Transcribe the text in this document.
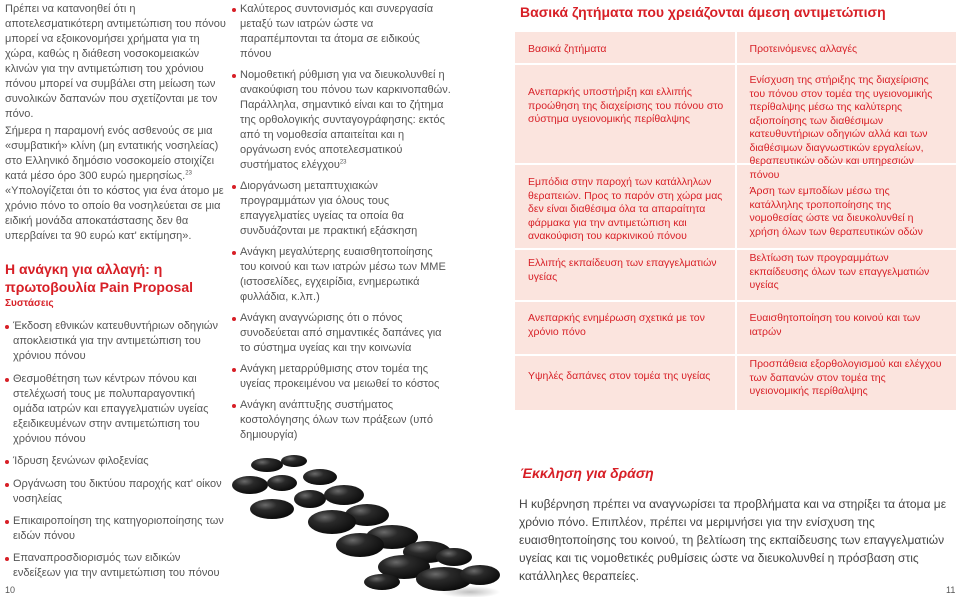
Πρέπει να κατανοηθεί ότι η αποτελεσματικότερη αντιμετώπιση του πόνου μπορεί να εξοικονομήσει χρήματα για τη χώρα, καθώς η διάθεση νοσοκομειακών κλινών για την αντιμετώπιση του χρόνιου πόνου μπορεί να συμβάλει στη μείωση των συνολικών δαπανών που σχετίζονται με τον πόνο.

Σήμερα η παραμονή ενός ασθενούς σε μια «συμβατική» κλίνη (μη εντατικής νοσηλείας) στο Ελληνικό δημόσιο νοσοκομείο στοιχίζει κατά μέσο όρο 300 ευρώ ημερησίως.$^{23}$ «Υπολογίζεται ότι το κόστος για ένα άτομο με χρόνιο πόνο το οποίο θα νοσηλεύεται σε μια ειδική μονάδα αποκατάστασης δεν θα υπερβαίνει τα 90 ευρώ κατ' εκτίμηση».

Η ανάγκη για αλλαγή: η πρωτοβουλία Pain Proposal
Συστάσεις
Έκδοση εθνικών κατευθυντήριων οδηγιών αποκλειστικά για την αντιμετώπιση του χρόνιου πόνου
Θεσμοθέτηση των κέντρων πόνου και στελέχωσή τους με πολυπαραγοντική ομάδα ιατρών και επαγγελματιών υγείας εξειδικευμένων στην αντιμετώπιση του χρόνιου πόνου
Ίδρυση ξενώνων φιλοξενίας
Οργάνωση του δικτύου παροχής κατ' οίκον νοσηλείας
Επικαιροποίηση της κατηγοριοποίησης των ειδών πόνου
Επαναπροσδιορισμός των ειδικών ενδείξεων για την αντιμετώπιση του πόνου
Καλύτερος συντονισμός και συνεργασία μεταξύ των ιατρών ώστε να παραπέμπονται τα άτομα σε ειδικούς πόνου
Νομοθετική ρύθμιση για να διευκολυνθεί η ανακούφιση του πόνου των καρκινοπαθών. Παράλληλα, σημαντικό είναι και το ζήτημα της ορθολογικής συνταγογράφησης: εκτός από τη νομοθεσία απαιτείται και η οργάνωση ενός αποτελεσματικού συστήματος ελέγχου$^{23}$
Διοργάνωση μεταπτυχιακών προγραμμάτων για όλους τους επαγγελματίες υγείας τα οποία θα συνδυάζονται με πρακτική εξάσκηση
Ανάγκη μεγαλύτερης ευαισθητοποίησης του κοινού και των ιατρών μέσω των ΜΜΕ (ιστοσελίδες, εγχειρίδια, ενημερωτικά φυλλάδια, κ.λπ.)
Ανάγκη αναγνώρισης ότι ο πόνος συνοδεύεται από σημαντικές δαπάνες για το σύστημα υγείας και την κοινωνία
Ανάγκη μεταρρύθμισης στον τομέα της υγείας προκειμένου να μειωθεί το κόστος
Ανάγκη ανάπτυξης συστήματος κοστολόγησης όλων των πράξεων (υπό δημιουργία)
Βασικά ζητήματα που χρειάζονται άμεση αντιμετώπιση
Βασικά ζητήματα	Προτεινόμενες αλλαγές
Ανεπαρκής υποστήριξη και ελλιπής προώθηση της διαχείρισης του πόνου στο σύστημα υγειονομικής περίθαλψης
Ενίσχυση της στήριξης της διαχείρισης του πόνου στον τομέα της υγειονομικής περίθαλψης μέσω της καλύτερης αξιοποίησης των διαθέσιμων κατευθυντήριων οδηγιών αλλά και των διαθέσιμων διαγνωστικών εργαλείων, θεραπευτικών οδών και υπηρεσιών πόνου
Εμπόδια στην παροχή των κατάλληλων θεραπειών. Προς το παρόν στη χώρα μας δεν είναι διαθέσιμα όλα τα απαραίτητα φάρμακα για την αντιμετώπιση και ανακούφιση του καρκινικού πόνου
Άρση των εμποδίων μέσω της κατάλληλης τροποποίησης της νομοθεσίας ώστε να διευκολυνθεί η χρήση όλων των θεραπευτικών οδών
Ελλιπής εκπαίδευση των επαγγελματιών υγείας
Βελτίωση των προγραμμάτων εκπαίδευσης όλων των επαγγελματιών υγείας
Ανεπαρκής ενημέρωση σχετικά με τον χρόνιο πόνο
Ευαισθητοποίηση του κοινού και των ιατρών
Υψηλές δαπάνες στον τομέα της υγείας
Προσπάθεια εξορθολογισμού και ελέγχου των δαπανών στον τομέα της υγειονομικής περίθαλψης
Έκκληση για δράση

Η κυβέρνηση πρέπει να αναγνωρίσει τα προβλήματα και να στηρίξει τα άτομα με χρόνιο πόνο. Επιπλέον, πρέπει να μεριμνήσει για την ενίσχυση της ευαισθητοποίησης του κοινού, τη βελτίωση της εκπαίδευσης των επαγγελματιών υγείας και τις νομοθετικές ρυθμίσεις ώστε να διευκολυνθεί η πρόσβαση στις κατάλληλες θεραπείες.

10	11
